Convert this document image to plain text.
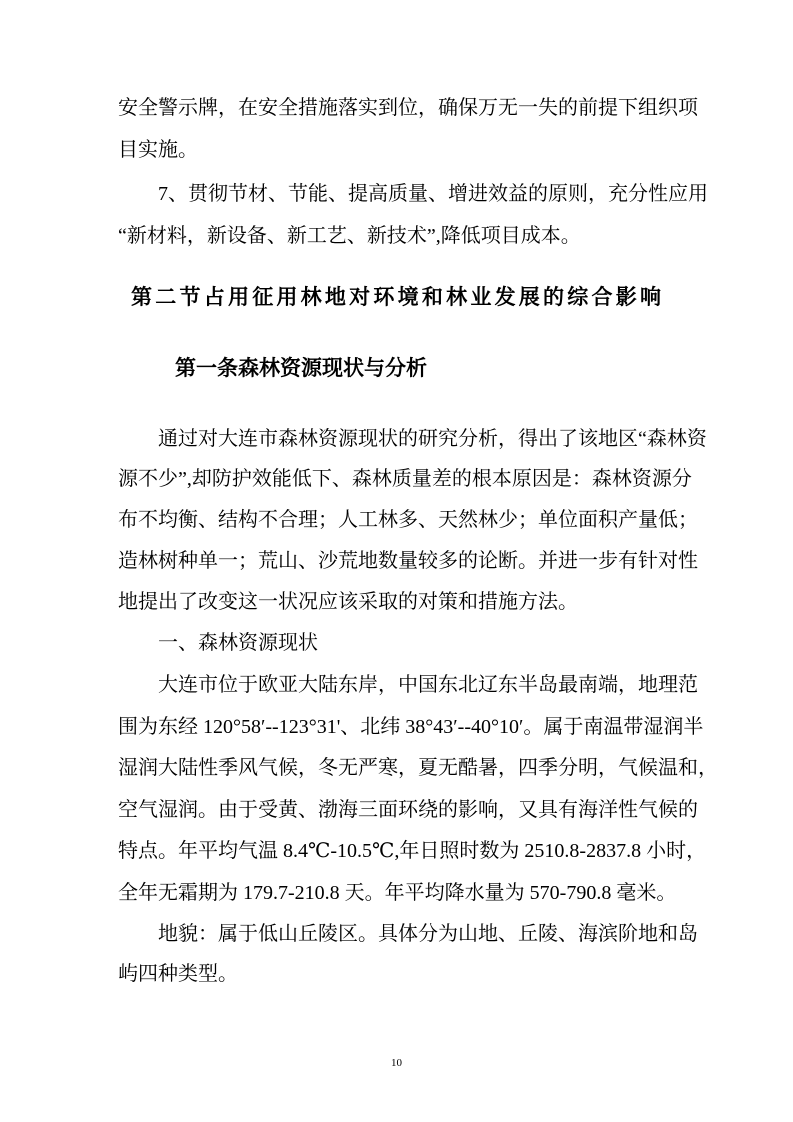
安全警示牌，在安全措施落实到位，确保万无一失的前提下组织项
目实施。
7、贯彻节材、节能、提高质量、增进效益的原则，充分性应用
“新材料，新设备、新工艺、新技术”,降低项目成本。
第二节占用征用林地对环境和林业发展的综合影响
第一条森林资源现状与分析
通过对大连市森林资源现状的研究分析，得出了该地区“森林资
源不少”,却防护效能低下、森林质量差的根本原因是：森林资源分
布不均衡、结构不合理；人工林多、天然林少；单位面积产量低；
造林树种单一；荒山、沙荒地数量较多的论断。并进一步有针对性
地提出了改变这一状况应该采取的对策和措施方法。
一、森林资源现状
大连市位于欧亚大陆东岸，中国东北辽东半岛最南端，地理范
围为东经 120°58′--123°31'、北纬 38°43′--40°10′。属于南温带湿润半
湿润大陆性季风气候，冬无严寒，夏无酷暑，四季分明，气候温和，
空气湿润。由于受黄、渤海三面环绕的影响，又具有海洋性气候的
特点。年平均气温 8.4℃-10.5℃,年日照时数为 2510.8-2837.8 小时，
全年无霜期为 179.7-210.8 天。年平均降水量为 570-790.8 毫米。
地貌：属于低山丘陵区。具体分为山地、丘陵、海滨阶地和岛
屿四种类型。
10
